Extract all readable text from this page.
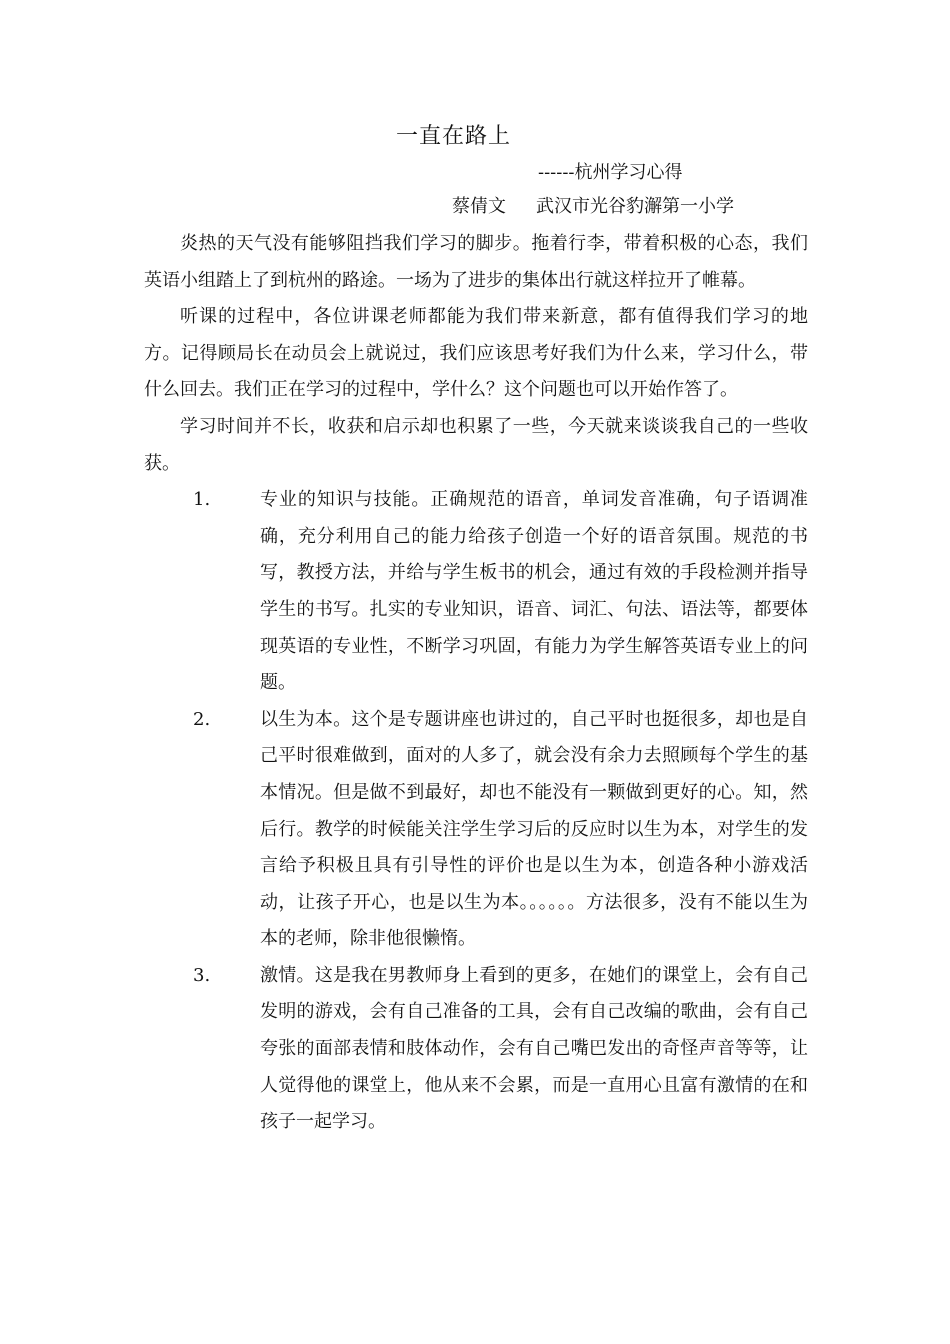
一直在路上
------杭州学习心得
蔡倩文 武汉市光谷豹澥第一小学

炎热的天气没有能够阻挡我们学习的脚步。拖着行李，带着积极的心态，我们英语小组踏上了到杭州的路途。一场为了进步的集体出行就这样拉开了帷幕。

听课的过程中，各位讲课老师都能为我们带来新意，都有值得我们学习的地方。记得顾局长在动员会上就说过，我们应该思考好我们为什么来，学习什么，带什么回去。我们正在学习的过程中，学什么？这个问题也可以开始作答了。

学习时间并不长，收获和启示却也积累了一些，今天就来谈谈我自己的一些收获。

1.	专业的知识与技能。正确规范的语音，单词发音准确，句子语调准确，充分利用自己的能力给孩子创造一个好的语音氛围。规范的书写，教授方法，并给与学生板书的机会，通过有效的手段检测并指导学生的书写。扎实的专业知识，语音、词汇、句法、语法等，都要体现英语的专业性，不断学习巩固，有能力为学生解答英语专业上的问题。
2.	以生为本。这个是专题讲座也讲过的，自己平时也挺很多，却也是自己平时很难做到，面对的人多了，就会没有余力去照顾每个学生的基本情况。但是做不到最好，却也不能没有一颗做到更好的心。知，然后行。教学的时候能关注学生学习后的反应时以生为本，对学生的发言给予积极且具有引导性的评价也是以生为本，创造各种小游戏活动，让孩子开心，也是以生为本。。。。。。方法很多，没有不能以生为本的老师，除非他很懒惰。
3.	激情。这是我在男教师身上看到的更多，在她们的课堂上，会有自己发明的游戏，会有自己准备的工具，会有自己改编的歌曲，会有自己夸张的面部表情和肢体动作，会有自己嘴巴发出的奇怪声音等等，让人觉得他的课堂上，他从来不会累，而是一直用心且富有激情的在和孩子一起学习。
